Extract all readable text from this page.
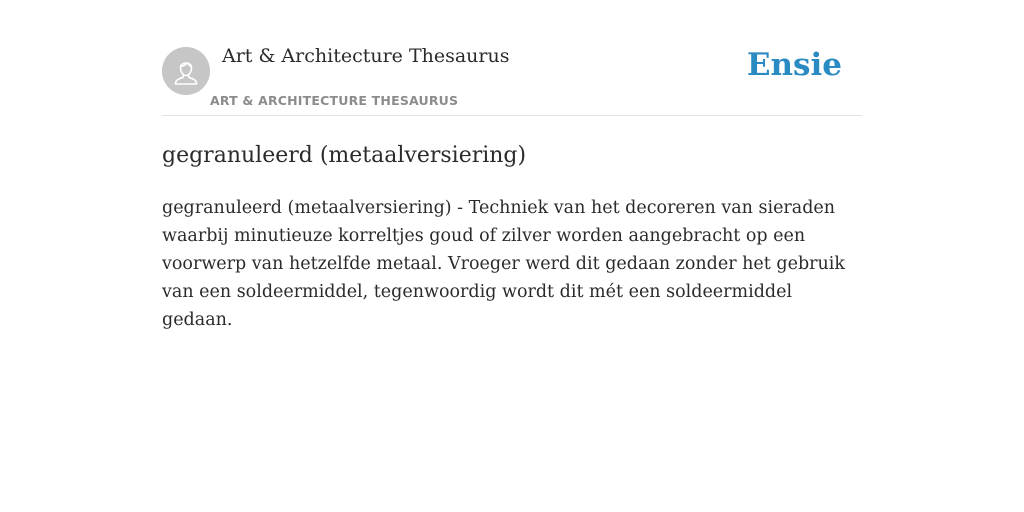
Art & Architecture Thesaurus
ART & ARCHITECTURE THESAURUS
Ensie
gegranuleerd (metaalversiering)

gegranuleerd (metaalversiering) - Techniek van het decoreren van sieraden waarbij minutieuze korreltjes goud of zilver worden aangebracht op een voorwerp van hetzelfde metaal. Vroeger werd dit gedaan zonder het gebruik van een soldeermiddel, tegenwoordig wordt dit mét een soldeermiddel gedaan.
